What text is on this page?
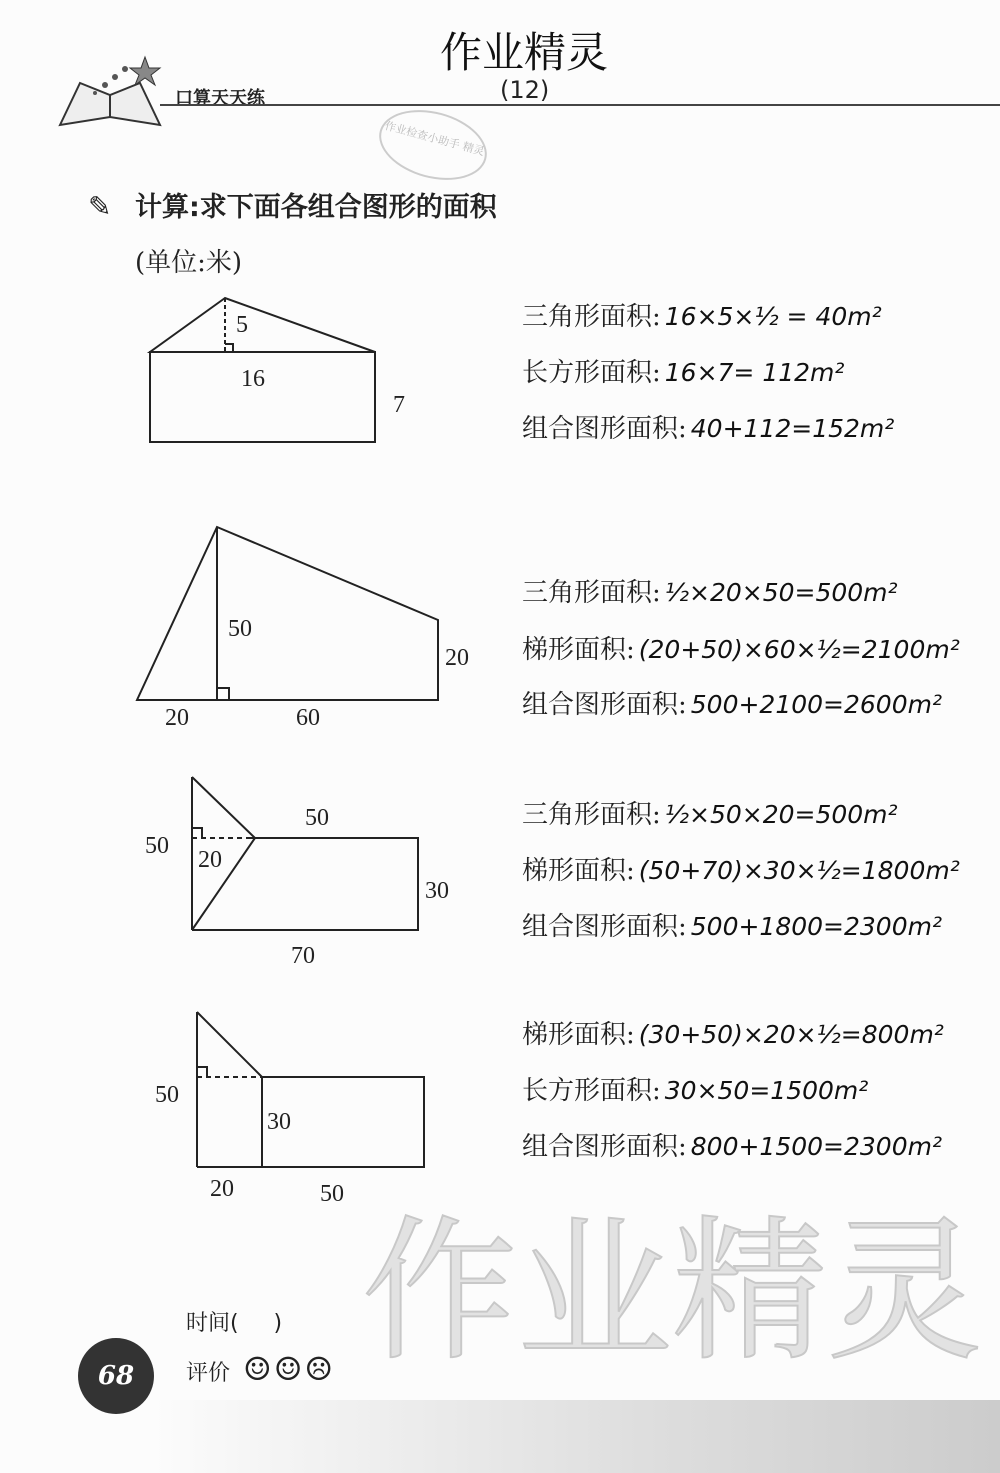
作业精灵
口算天天练
作业精灵
(12)
作业检查小助手 精灵
✎ 计算:求下面各组合图形的面积
(单位:米)
5
16
7
50
20
20	60
50
20
50
30
70
50
30
20	50
三角形面积: 16×5×½ = 40m²
长方形面积: 16×7= 112m²
组合图形面积: 40+112=152m²
三角形面积: ½×20×50=500m²
梯形面积: (20+50)×60×½=2100m²
组合图形面积: 500+2100=2600m²
三角形面积: ½×50×20=500m²
梯形面积: (50+70)×30×½=1800m²
组合图形面积: 500+1800=2300m²
梯形面积: (30+50)×20×½=800m²
长方形面积: 30×50=1500m²
组合图形面积: 800+1500=2300m²
时间(     )
评价 ☺☺☹
68
